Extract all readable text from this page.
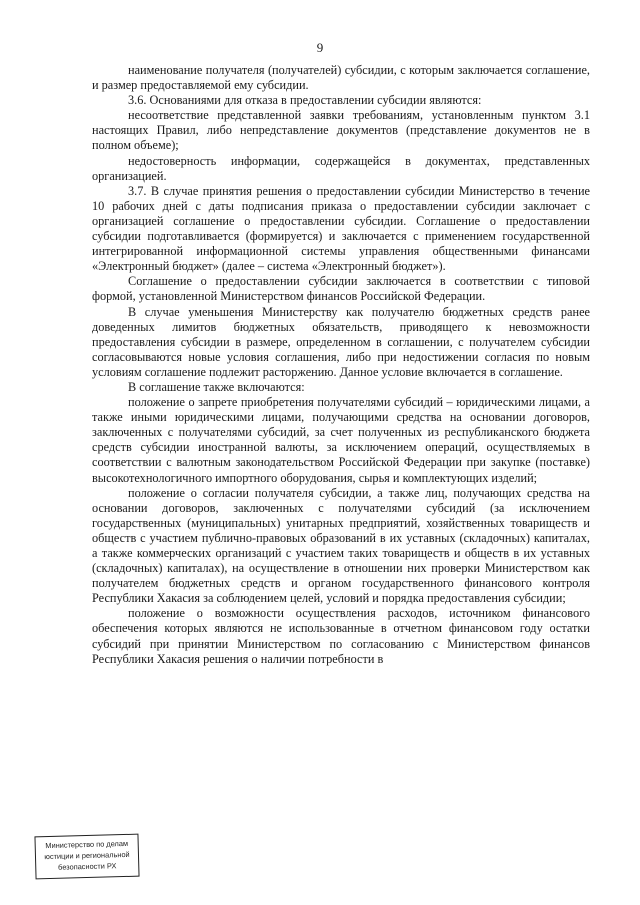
9

наименование получателя (получателей) субсидии, с которым заключается соглашение, и размер предоставляемой ему субсидии.

3.6. Основаниями для отказа в предоставлении субсидии являются:

несоответствие представленной заявки требованиям, установленным пунктом 3.1 настоящих Правил, либо непредставление документов (представление документов не в полном объеме);

недостоверность информации, содержащейся в документах, представленных организацией.

3.7. В случае принятия решения о предоставлении субсидии Министерство в течение 10 рабочих дней с даты подписания приказа о предоставлении субсидии заключает с организацией соглашение о предоставлении субсидии. Соглашение о предоставлении субсидии подготавливается (формируется) и заключается с применением государственной интегрированной информационной системы управления общественными финансами «Электронный бюджет» (далее – система «Электронный бюджет»).

Соглашение о предоставлении субсидии заключается в соответствии с типовой формой, установленной Министерством финансов Российской Федерации.

В случае уменьшения Министерству как получателю бюджетных средств ранее доведенных лимитов бюджетных обязательств, приводящего к невозможности предоставления субсидии в размере, определенном в соглашении, с получателем субсидии согласовываются новые условия соглашения, либо при недостижении согласия по новым условиям соглашение подлежит расторжению. Данное условие включается в соглашение.

В соглашение также включаются:

положение о запрете приобретения получателями субсидий – юридическими лицами, а также иными юридическими лицами, получающими средства на основании договоров, заключенных с получателями субсидий, за счет полученных из республиканского бюджета средств субсидии иностранной валюты, за исключением операций, осуществляемых в соответствии с валютным законодательством Российской Федерации при закупке (поставке) высокотехнологичного импортного оборудования, сырья и комплектующих изделий;

положение о согласии получателя субсидии, а также лиц, получающих средства на основании договоров, заключенных с получателями субсидий (за исключением государственных (муниципальных) унитарных предприятий, хозяйственных товариществ и обществ с участием публично-правовых образований в их уставных (складочных) капиталах, а также коммерческих организаций с участием таких товариществ и обществ в их уставных (складочных) капиталах), на осуществление в отношении них проверки Министерством как получателем бюджетных средств и органом государственного финансового контроля Республики Хакасия за соблюдением целей, условий и порядка предоставления субсидии;

положение о возможности осуществления расходов, источником финансового обеспечения которых являются не использованные в отчетном финансовом году остатки субсидий при принятии Министерством по согласованию с Министерством финансов Республики Хакасия решения о наличии потребности в

Министерство по делам
юстиции и региональной
безопасности РХ
